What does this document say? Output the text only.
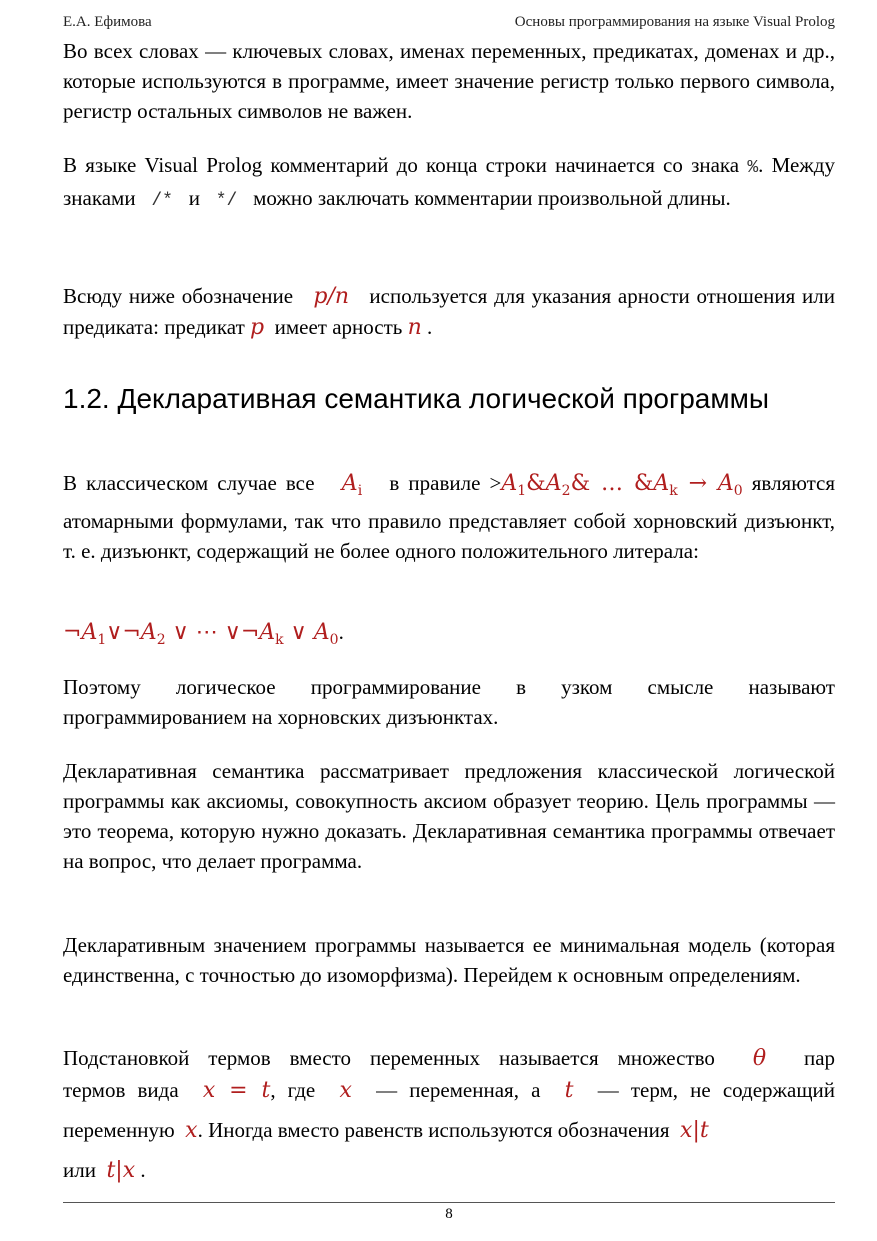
Е.А. Ефимова	Основы программирования на языке Visual Prolog

Во всех словах — ключевых словах, именах переменных, предикатах, доменах и др., которые используются в программе, имеет значение регистр только первого символа, регистр остальных символов не важен.

В языке Visual Prolog комментарий до конца строки начинается со знака %. Между знаками /* и */ можно заключать комментарии произвольной длины.

Всюду ниже обозначение p/n используется для указания арности отношения или предиката: предикат p имеет арность n .

1.2. Декларативная семантика логической программы

В классическом случае все $A_i$ в правиле $>A_1\&A_2\&$ … $\&A_k \to A_0$ являются атомарными формулами, так что правило представляет собой хорновский дизъюнкт, т. е. дизъюнкт, содержащий не более одного положительного литерала:

$\neg A_1\vee\neg A_2$ ∨ ⋯ $\vee\neg A_k$ ∨ $A_0$.

Поэтому логическое программирование в узком смысле называют программированием на хорновских дизъюнктах.

Декларативная семантика рассматривает предложения классической логической программы как аксиомы, совокупность аксиом образует теорию. Цель программы — это теорема, которую нужно доказать. Декларативная семантика программы отвечает на вопрос, что делает программа.

Декларативным значением программы называется ее минимальная модель (которая единственна, с точностью до изоморфизма). Перейдем к основным определениям.

Подстановкой термов вместо переменных называется множество θ пар
термов вида x = t, где x — переменная, а t — терм, не содержащий
переменную x. Иногда вместо равенств используются обозначения x|t
или t|x .
8
